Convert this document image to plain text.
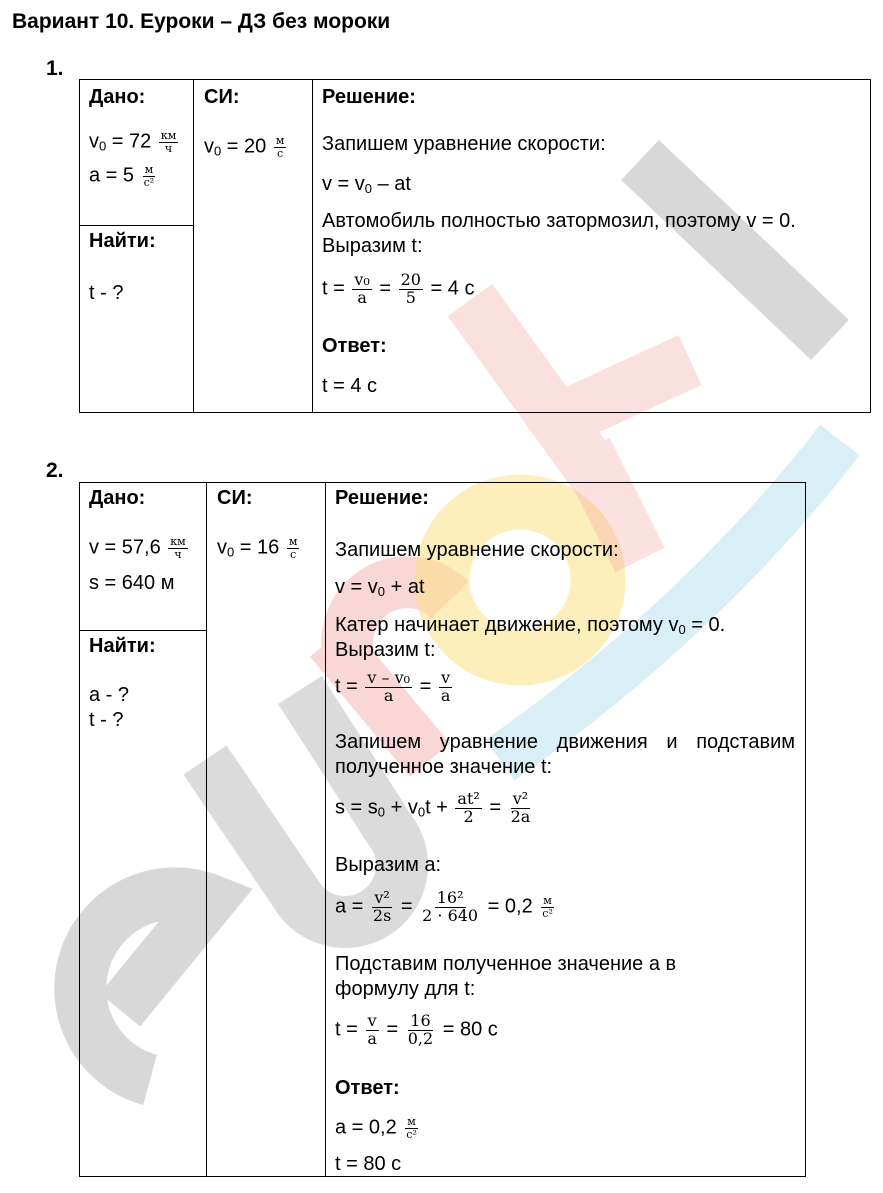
Вариант 10. Еуроки – ДЗ без мороки
1.
Дано:
$v_0 = 72 \frac{км}{ч}$
$a = 5 \frac{м}{\text{с²}}$

СИ:
$v_0 = 20 \frac{м}{с}$

Решение:
Запишем уравнение скорости:
$v = v_0$ – at
Автомобиль полностью затормозил, поэтому v = 0.
Выразим t:
$t = \frac{\text{v₀}}{a} = \frac{20}{5} = 4$ с
Ответ:
t = 4 с

Найти:
t - ?
2.
Дано:
$v = 57,6 \frac{км}{ч}$
s = 640 м

СИ:
$v_0 = 16 \frac{м}{с}$

Решение:
Запишем уравнение скорости:
$v = v_0$ + at
Катер начинает движение, поэтому $v_0 = 0$.
Выразим t:
$t = \frac{\text{v – v₀}}{a} = \frac{v}{a}$
Запишем уравнение движения и подставим
полученное значение t:
$s = s_0 + v_0t + \frac{\text{at²}}{2} = \frac{\text{v²}}{2a}$
Выразим a:
$a = \frac{\text{v²}}{2s} = \frac{\text{16²}}{2 \cdot 640} = 0,2 \frac{м}{\text{с²}}$
Подставим полученное значение a в
формулу для t:
$t = \frac{v}{a} = \frac{16}{0,2} = 80$ с
Ответ:
$a = 0,2 \frac{м}{\text{с²}}$
t = 80 с

Найти:
a - ?
t - ?
